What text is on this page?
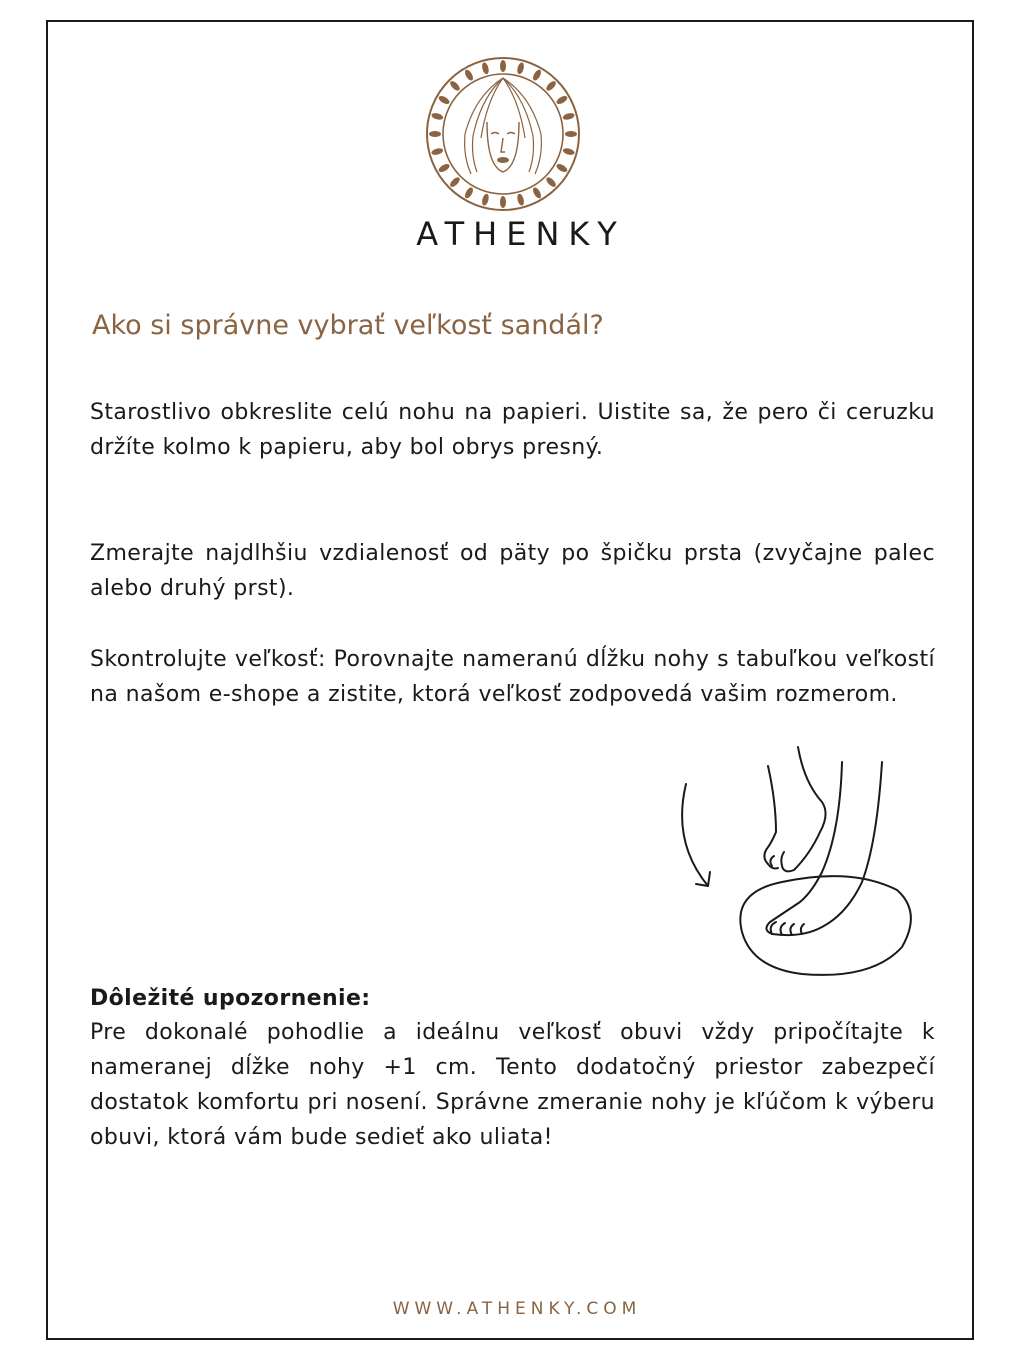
ATHENKY
Ako si správne vybrať veľkosť sandál?

Starostlivo obkreslite celú nohu na papieri. Uistite sa, že pero či ceruzku držíte kolmo k papieru, aby bol obrys presný.

Zmerajte najdlhšiu vzdialenosť od päty po špičku prsta (zvyčajne palec alebo druhý prst).

Skontrolujte veľkosť: Porovnajte nameranú dĺžku nohy s tabuľkou veľkostí na našom e-shope a zistite, ktorá veľkosť zodpovedá vašim rozmerom.

Dôležité upozornenie:

Pre dokonalé pohodlie a ideálnu veľkosť obuvi vždy pripočítajte k nameranej dĺžke nohy +1 cm. Tento dodatočný priestor zabezpečí dostatok komfortu pri nosení. Správne zmeranie nohy je kľúčom k výberu obuvi, ktorá vám bude sedieť ako uliata!

WWW.ATHENKY.COM
